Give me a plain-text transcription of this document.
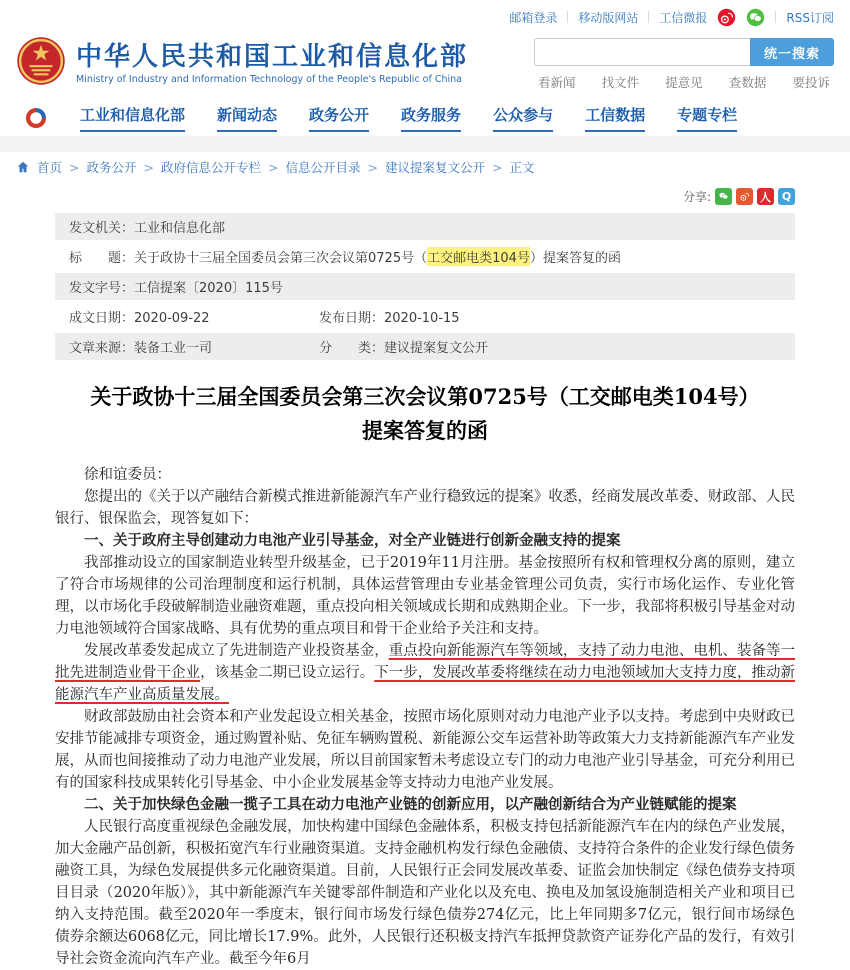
邮箱登录 移动版网站 工信微报	RSS订阅
中华人民共和国工业和信息化部
Ministry of Industry and Information Technology of the People's Republic of China
统一搜索
看新闻 找文件 提意见 查数据 要投诉
工业和信息化部 新闻动态 政务公开 政务服务 公众参与 工信数据 专题专栏
首页 > 政务公开 > 政府信息公开专栏 > 信息公开目录 > 建议提案复文公开 > 正文
分享:	人 Q
发文机关： 工业和信息化部
标　　题： 关于政协十三届全国委员会第三次会议第0725号（ 工交邮电类104号 ）提案答复的函
发文字号： 工信提案〔2020〕115号
成文日期：2020-09-22	发布日期：2020-10-15
文章来源：装备工业一司	分　　类：建议提案复文公开
关于政协十三届全国委员会第三次会议第0725号（工交邮电类104号）提案答复的函

徐和谊委员：

您提出的《关于以产融结合新模式推进新能源汽车产业行稳致远的提案》收悉，经商发展改革委、财政部、人民银行、银保监会，现答复如下：

一、关于政府主导创建动力电池产业引导基金，对全产业链进行创新金融支持的提案

我部推动设立的国家制造业转型升级基金，已于2019年11月注册。基金按照所有权和管理权分离的原则，建立了符合市场规律的公司治理制度和运行机制，具体运营管理由专业基金管理公司负责，实行市场化运作、专业化管理，以市场化手段破解制造业融资难题，重点投向相关领域成长期和成熟期企业。下一步，我部将积极引导基金对动力电池领域符合国家战略、具有优势的重点项目和骨干企业给予关注和支持。

发展改革委发起成立了先进制造产业投资基金，重点投向新能源汽车等领域，支持了动力电池、电机、装备等一批先进制造业骨干企业，该基金二期已设立运行。下一步，发展改革委将继续在动力电池领域加大支持力度，推动新能源汽车产业高质量发展。

财政部鼓励由社会资本和产业发起设立相关基金，按照市场化原则对动力电池产业予以支持。考虑到中央财政已安排节能减排专项资金，通过购置补贴、免征车辆购置税、新能源公交车运营补助等政策大力支持新能源汽车产业发展，从而也间接推动了动力电池产业发展，所以目前国家暂未考虑设立专门的动力电池产业引导基金，可充分利用已有的国家科技成果转化引导基金、中小企业发展基金等支持动力电池产业发展。

二、关于加快绿色金融一揽子工具在动力电池产业链的创新应用，以产融创新结合为产业链赋能的提案

人民银行高度重视绿色金融发展，加快构建中国绿色金融体系，积极支持包括新能源汽车在内的绿色产业发展，加大金融产品创新，积极拓宽汽车行业融资渠道。支持金融机构发行绿色金融债、支持符合条件的企业发行绿色债务融资工具，为绿色发展提供多元化融资渠道。目前，人民银行正会同发展改革委、证监会加快制定《绿色债券支持项目目录（2020年版）》，其中新能源汽车关键零部件制造和产业化以及充电、换电及加氢设施制造相关产业和项目已纳入支持范围。截至2020年一季度末，银行间市场发行绿色债券274亿元，比上年同期多7亿元，银行间市场绿色债券余额达6068亿元，同比增长17.9%。此外，人民银行还积极支持汽车抵押贷款资产证券化产品的发行，有效引导社会资金流向汽车产业。截至今年6月
